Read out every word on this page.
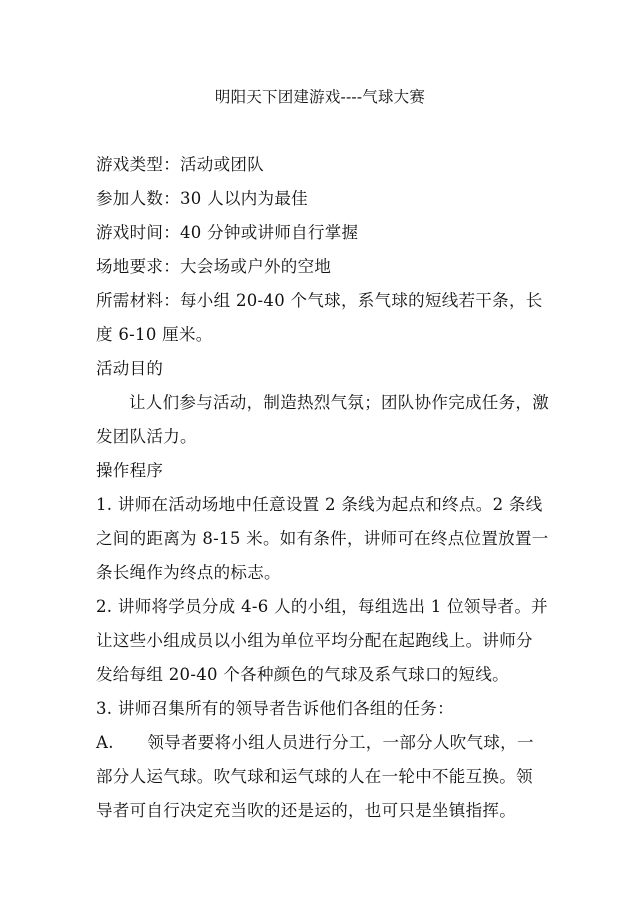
明阳天下团建游戏----气球大赛

游戏类型：活动或团队

参加人数：30 人以内为最佳

游戏时间：40 分钟或讲师自行掌握

场地要求：大会场或户外的空地

所需材料：每小组 20-40 个气球，系气球的短线若干条，长
度 6-10 厘米。

活动目的

让人们参与活动，制造热烈气氛；团队协作完成任务，激

发团队活力。

操作程序

1. 讲师在活动场地中任意设置 2 条线为起点和终点。2 条线
之间的距离为 8-15 米。如有条件，讲师可在终点位置放置一
条长绳作为终点的标志。

2. 讲师将学员分成 4-6 人的小组，每组选出 1 位领导者。并
让这些小组成员以小组为单位平均分配在起跑线上。讲师分
发给每组 20-40 个各种颜色的气球及系气球口的短线。

3. 讲师召集所有的领导者告诉他们各组的任务：

A.　　领导者要将小组人员进行分工，一部分人吹气球，一
部分人运气球。吹气球和运气球的人在一轮中不能互换。领
导者可自行决定充当吹的还是运的，也可只是坐镇指挥。
